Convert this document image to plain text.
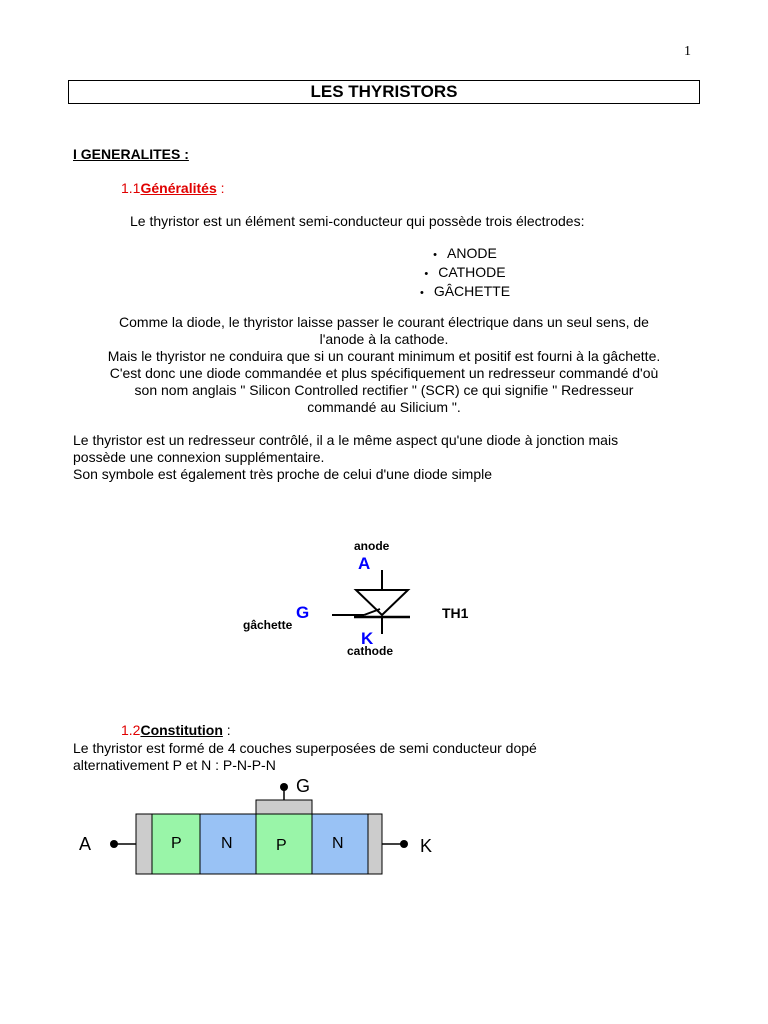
1
LES THYRISTORS
I GENERALITES :
1.1Généralités :

Le thyristor est un élément semi-conducteur qui possède trois électrodes:

• ANODE
• CATHODE
• GÂCHETTE
Comme la diode, le thyristor laisse passer le courant électrique dans un seul sens, de
l'anode à la cathode.
Mais le thyristor ne conduira que si un courant minimum et positif est fourni à la gâchette.
C'est donc une diode commandée et plus spécifiquement un redresseur commandé d'où
son nom anglais " Silicon Controlled rectifier " (SCR) ce qui signifie " Redresseur
commandé au Silicium ".
Le thyristor est un redresseur contrôlé, il a le même aspect qu'une diode à jonction mais
possède une connexion supplémentaire.
Son symbole est également très proche de celui d'une diode simple
anode
A
G
gâchette
TH1
K
cathode
1.2Constitution :
Le thyristor est formé de 4 couches superposées de semi conducteur dopé
alternativement P et N : P-N-P-N
G
P N	P	N
A	K
